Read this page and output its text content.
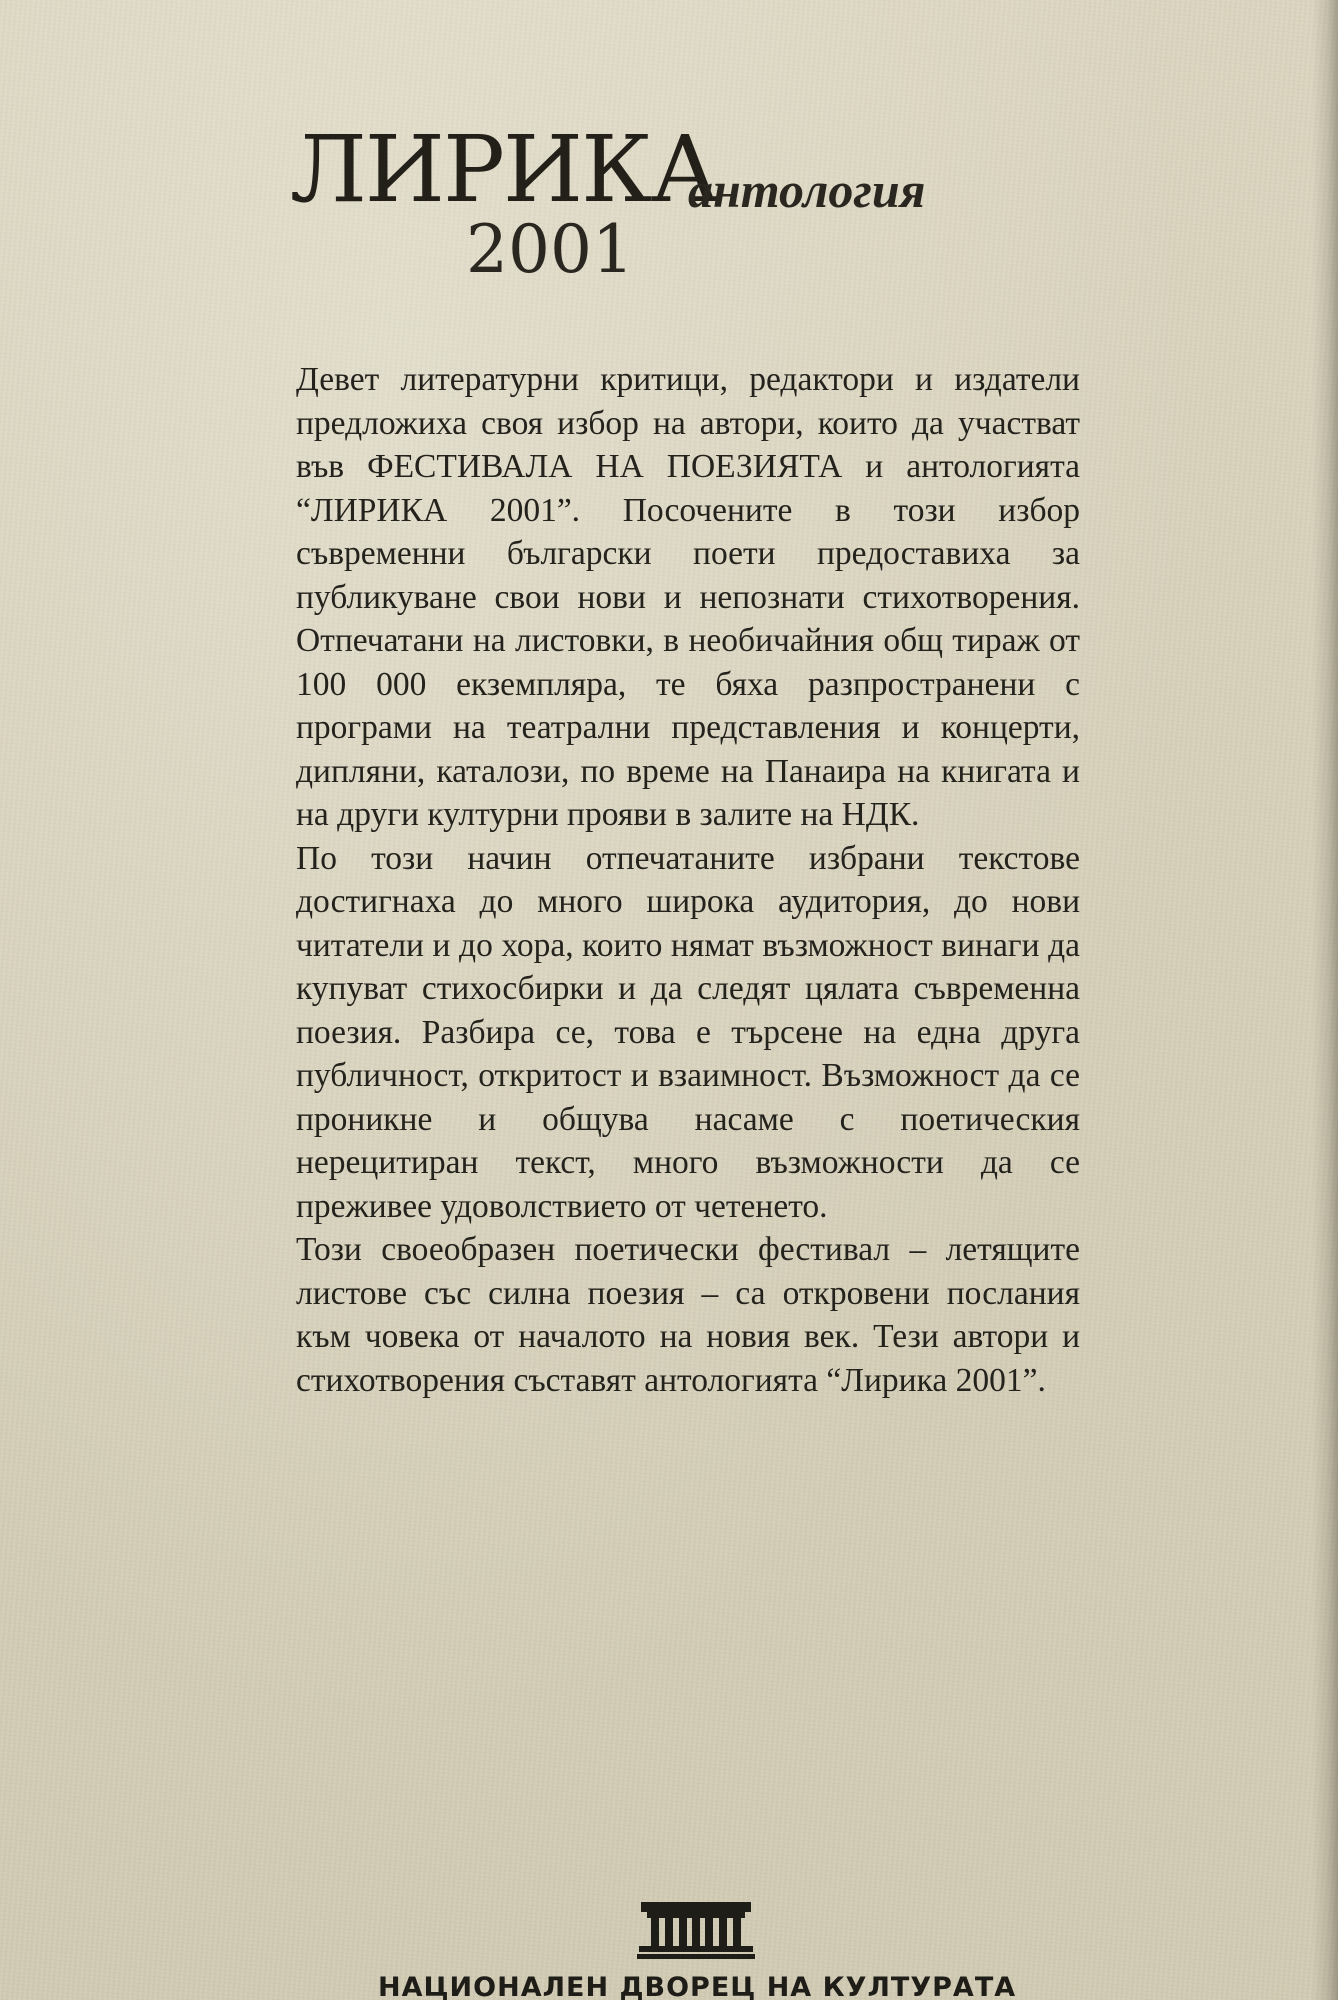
ЛИРИКА
антология
2001

Девет литературни критици, редактори и издатели предложиха своя избор на автори, които да участват във ФЕСТИВАЛА НА ПОЕЗИЯТА и антологията “ЛИРИКА 2001”. Посочените в този избор съвременни български поети предоставиха за публикуване свои нови и непознати стихотворения. Отпечатани на листовки, в необичайния общ тираж от 100 000 екземпляра, те бяха разпространени с програми на театрални представления и концерти, дипляни, каталози, по време на Панаира на книгата и на други културни прояви в залите на НДК.

По този начин отпечатаните избрани текстове достигнаха до много широка аудитория, до нови читатели и до хора, които нямат възможност винаги да купуват стихосбирки и да следят цялата съвременна поезия. Разбира се, това е търсене на една друга публичност, откритост и взаимност. Възможност да се проникне и общува насаме с поетическия нерецитиран текст, много възможности да се преживее удоволствието от четенето.

Този своеобразен поетически фестивал – летящите листове със силна поезия – са откровени послания към човека от началото на новия век. Тези автори и стихотворения съставят антологията “Лирика 2001”.

НАЦИОНАЛЕН ДВОРЕЦ НА КУЛТУРАТА
